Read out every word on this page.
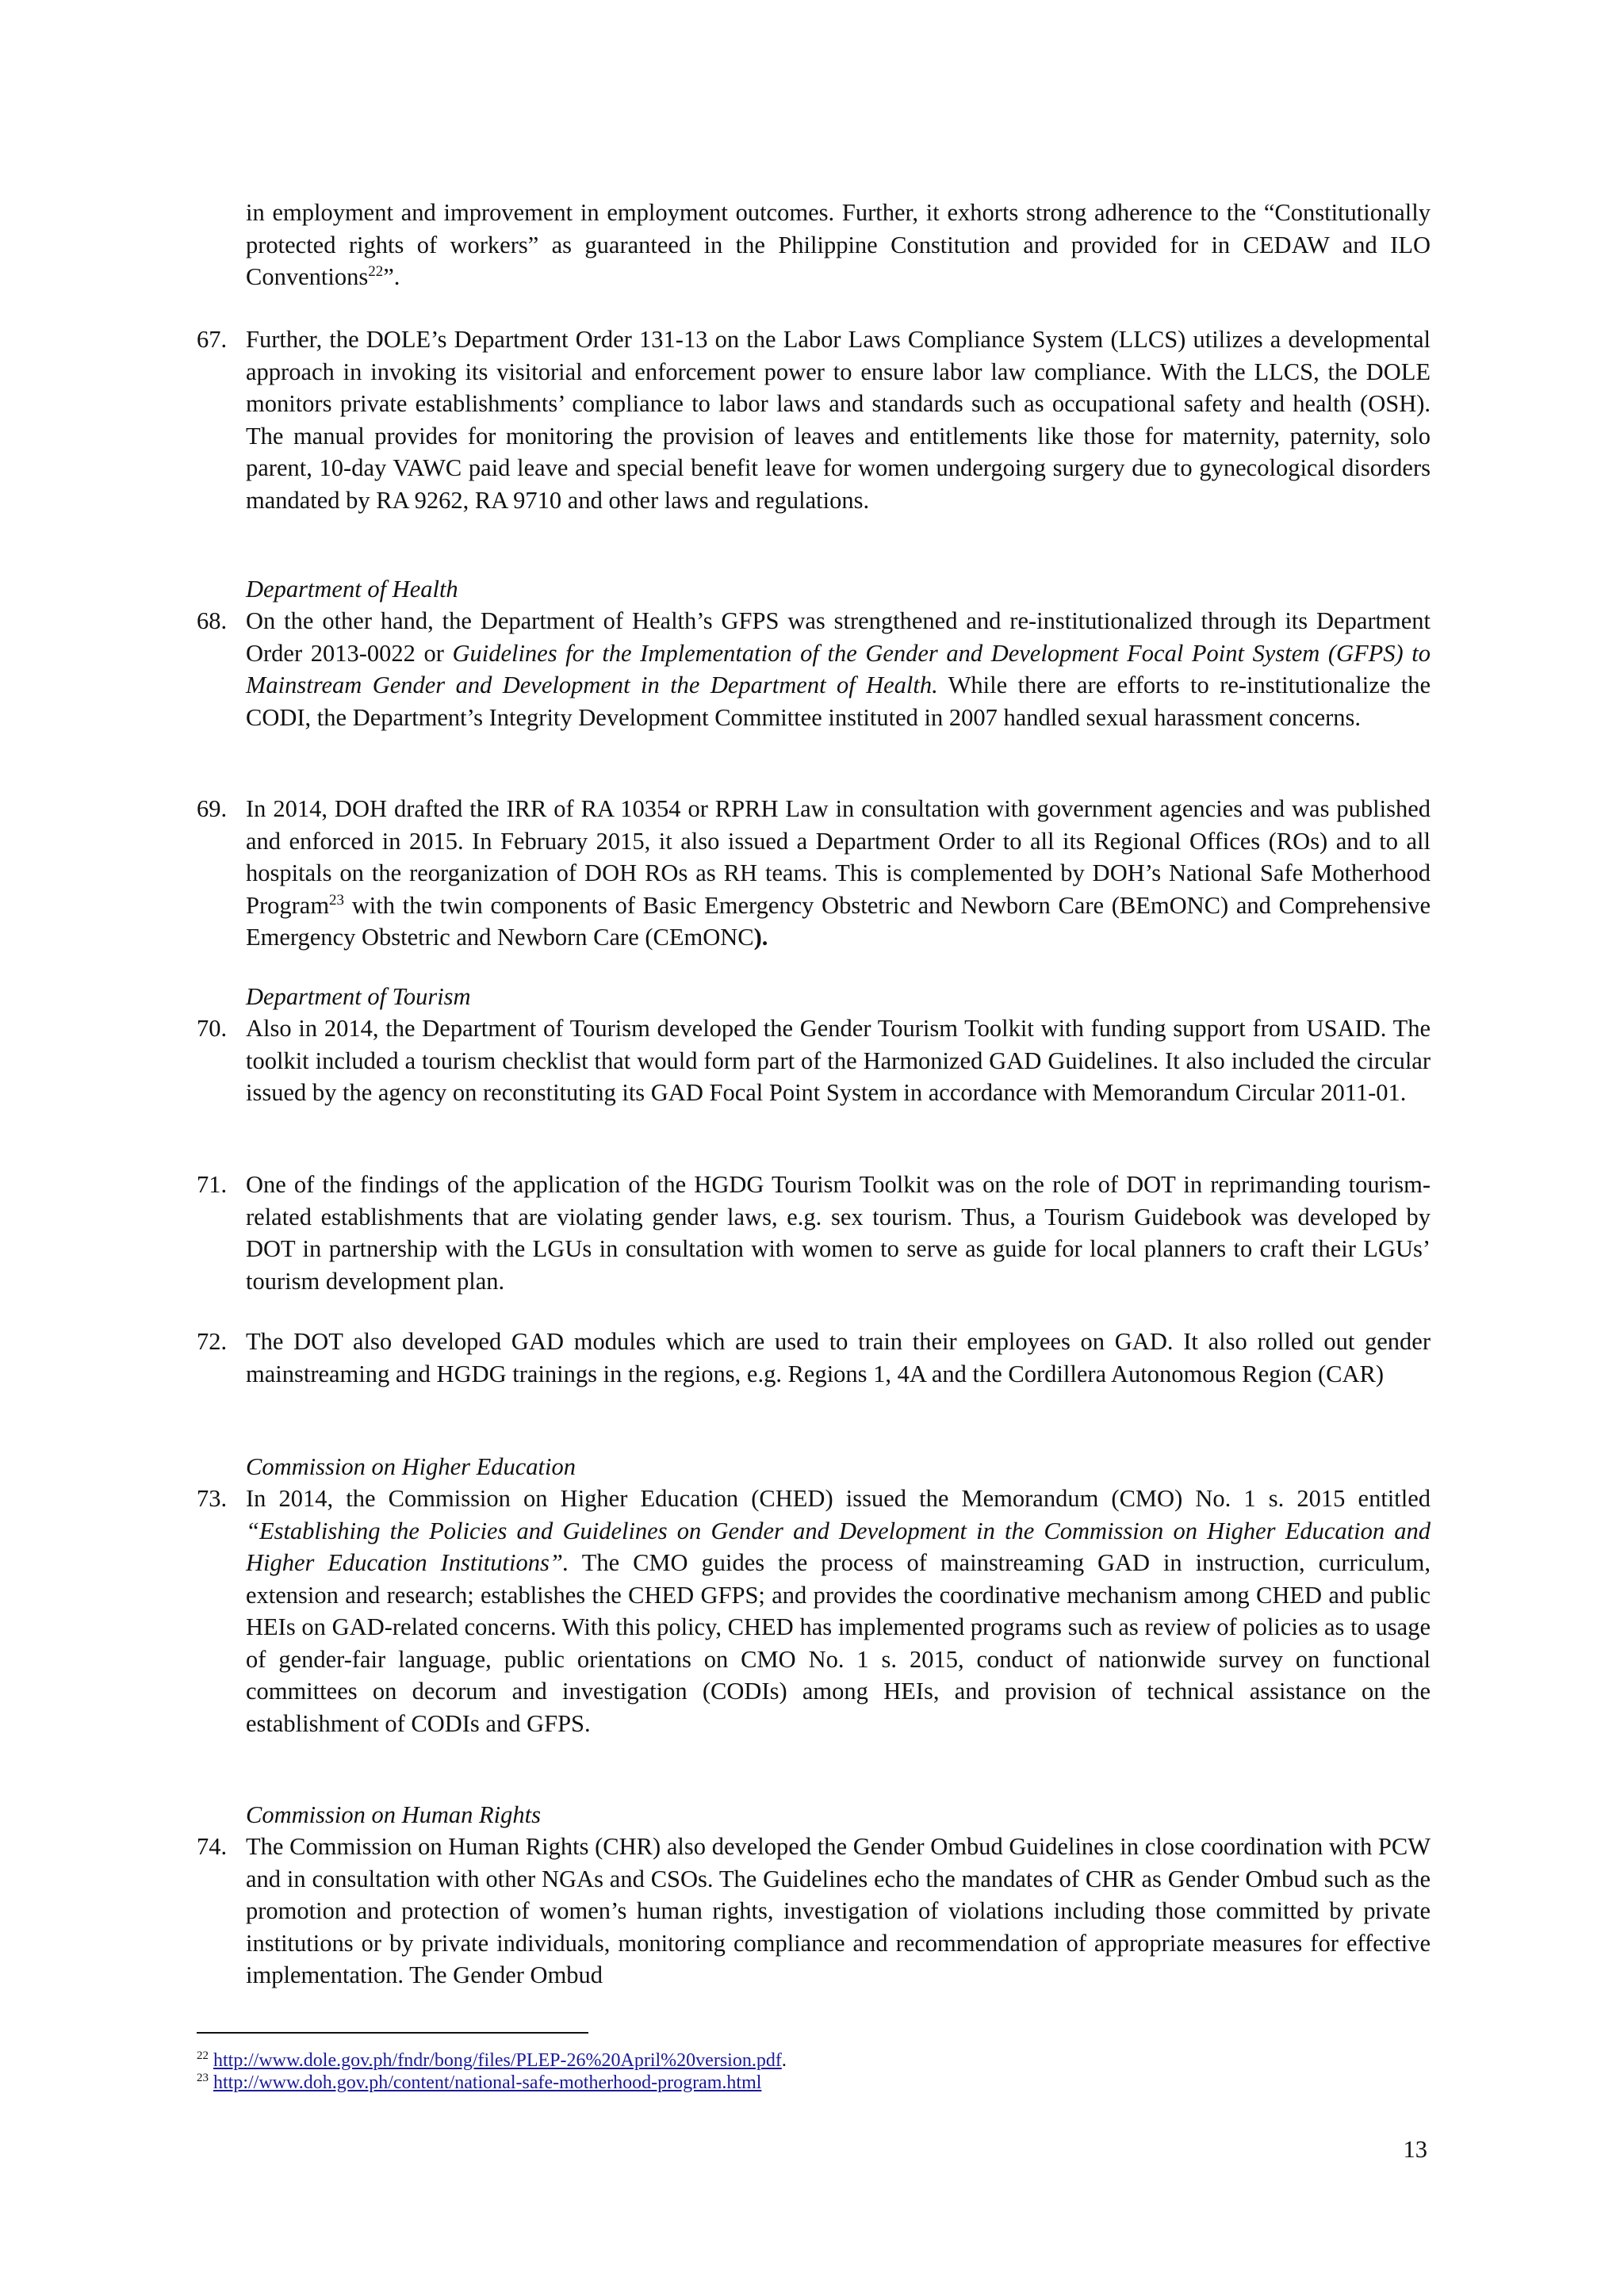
in employment and improvement in employment outcomes. Further, it exhorts strong adherence to the “Constitutionally protected rights of workers” as guaranteed in the Philippine Constitution and provided for in CEDAW and ILO Conventions$^{22}$”.

67. Further, the DOLE’s Department Order 131-13 on the Labor Laws Compliance System (LLCS) utilizes a developmental approach in invoking its visitorial and enforcement power to ensure labor law compliance. With the LLCS, the DOLE monitors private establishments’ compliance to labor laws and standards such as occupational safety and health (OSH). The manual provides for monitoring the provision of leaves and entitlements like those for maternity, paternity, solo parent, 10-day VAWC paid leave and special benefit leave for women undergoing surgery due to gynecological disorders mandated by RA 9262, RA 9710 and other laws and regulations.

Department of Health

68. On the other hand, the Department of Health’s GFPS was strengthened and re-institutionalized through its Department Order 2013-0022 or Guidelines for the Implementation of the Gender and Development Focal Point System (GFPS) to Mainstream Gender and Development in the Department of Health. While there are efforts to re-institutionalize the CODI, the Department’s Integrity Development Committee instituted in 2007 handled sexual harassment concerns.

69. In 2014, DOH drafted the IRR of RA 10354 or RPRH Law in consultation with government agencies and was published and enforced in 2015. In February 2015, it also issued a Department Order to all its Regional Offices (ROs) and to all hospitals on the reorganization of DOH ROs as RH teams. This is complemented by DOH’s National Safe Motherhood Program$^{23}$ with the twin components of Basic Emergency Obstetric and Newborn Care (BEmONC) and Comprehensive Emergency Obstetric and Newborn Care (CEmONC).

Department of Tourism

70. Also in 2014, the Department of Tourism developed the Gender Tourism Toolkit with funding support from USAID. The toolkit included a tourism checklist that would form part of the Harmonized GAD Guidelines. It also included the circular issued by the agency on reconstituting its GAD Focal Point System in accordance with Memorandum Circular 2011-01.

71. One of the findings of the application of the HGDG Tourism Toolkit was on the role of DOT in reprimanding tourism-related establishments that are violating gender laws, e.g. sex tourism. Thus, a Tourism Guidebook was developed by DOT in partnership with the LGUs in consultation with women to serve as guide for local planners to craft their LGUs’ tourism development plan.

72. The DOT also developed GAD modules which are used to train their employees on GAD. It also rolled out gender mainstreaming and HGDG trainings in the regions, e.g. Regions 1, 4A and the Cordillera Autonomous Region (CAR)

Commission on Higher Education

73. In 2014, the Commission on Higher Education (CHED) issued the Memorandum (CMO) No. 1 s. 2015 entitled “Establishing the Policies and Guidelines on Gender and Development in the Commission on Higher Education and Higher Education Institutions”. The CMO guides the process of mainstreaming GAD in instruction, curriculum, extension and research; establishes the CHED GFPS; and provides the coordinative mechanism among CHED and public HEIs on GAD-related concerns. With this policy, CHED has implemented programs such as review of policies as to usage of gender-fair language, public orientations on CMO No. 1 s. 2015, conduct of nationwide survey on functional committees on decorum and investigation (CODIs) among HEIs, and provision of technical assistance on the establishment of CODIs and GFPS.

Commission on Human Rights

74. The Commission on Human Rights (CHR) also developed the Gender Ombud Guidelines in close coordination with PCW and in consultation with other NGAs and CSOs. The Guidelines echo the mandates of CHR as Gender Ombud such as the promotion and protection of women’s human rights, investigation of violations including those committed by private institutions or by private individuals, monitoring compliance and recommendation of appropriate measures for effective implementation. The Gender Ombud

$^{22}$ http://www.dole.gov.ph/fndr/bong/files/PLEP-26%20April%20version.pdf.
$^{23}$ http://www.doh.gov.ph/content/national-safe-motherhood-program.html
13
